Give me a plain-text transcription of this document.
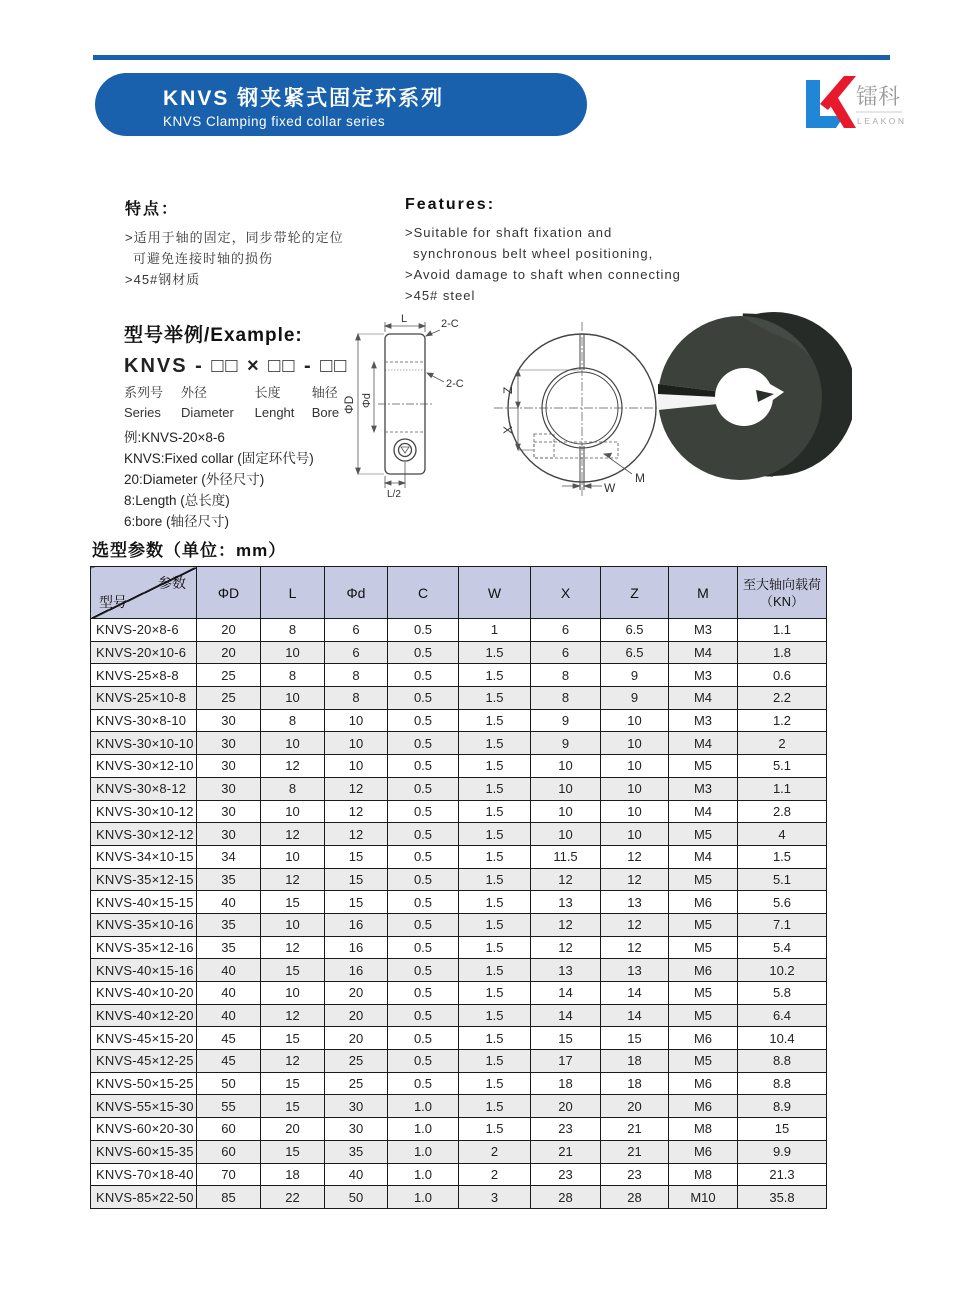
KNVS 钢夹紧式固定环系列
KNVS Clamping fixed collar series
镭科
LEAKON
特点：
>适用于轴的固定，同步带轮的定位
可避免连接时轴的损伤
>45#钢材质
Features:
>Suitable for shaft fixation and
synchronous belt wheel positioning,
>Avoid damage to shaft when connecting
>45# steel
型号举例/Example:
KNVS - □□ × □□ - □□
系列号	外径	长度	轴径
Series	Diameter	Lenght	Bore
例:KNVS-20×8-6
KNVS:Fixed collar (固定环代号)
20:Diameter (外径尺寸)
8:Length (总长度)
6:bore (轴径尺寸)
L	2-C
2-C
ΦD Φd
L/2
Z
X
W
M
选型参数（单位：mm）
参数
型号	ΦD	L	Φd	C	W	X	Z	M	至大轴向载荷（KN）
KNVS-20×8-6	20	8	6	0.5	1	6	6.5	M3	1.1
KNVS-20×10-6	20	10	6	0.5	1.5	6	6.5	M4	1.8
KNVS-25×8-8	25	8	8	0.5	1.5	8	9	M3	0.6
KNVS-25×10-8	25	10	8	0.5	1.5	8	9	M4	2.2
KNVS-30×8-10	30	8	10	0.5	1.5	9	10	M3	1.2
KNVS-30×10-10	30	10	10	0.5	1.5	9	10	M4	2
KNVS-30×12-10	30	12	10	0.5	1.5	10	10	M5	5.1
KNVS-30×8-12	30	8	12	0.5	1.5	10	10	M3	1.1
KNVS-30×10-12	30	10	12	0.5	1.5	10	10	M4	2.8
KNVS-30×12-12	30	12	12	0.5	1.5	10	10	M5	4
KNVS-34×10-15	34	10	15	0.5	1.5	11.5	12	M4	1.5
KNVS-35×12-15	35	12	15	0.5	1.5	12	12	M5	5.1
KNVS-40×15-15	40	15	15	0.5	1.5	13	13	M6	5.6
KNVS-35×10-16	35	10	16	0.5	1.5	12	12	M5	7.1
KNVS-35×12-16	35	12	16	0.5	1.5	12	12	M5	5.4
KNVS-40×15-16	40	15	16	0.5	1.5	13	13	M6	10.2
KNVS-40×10-20	40	10	20	0.5	1.5	14	14	M5	5.8
KNVS-40×12-20	40	12	20	0.5	1.5	14	14	M5	6.4
KNVS-45×15-20	45	15	20	0.5	1.5	15	15	M6	10.4
KNVS-45×12-25	45	12	25	0.5	1.5	17	18	M5	8.8
KNVS-50×15-25	50	15	25	0.5	1.5	18	18	M6	8.8
KNVS-55×15-30	55	15	30	1.0	1.5	20	20	M6	8.9
KNVS-60×20-30	60	20	30	1.0	1.5	23	21	M8	15
KNVS-60×15-35	60	15	35	1.0	2	21	21	M6	9.9
KNVS-70×18-40	70	18	40	1.0	2	23	23	M8	21.3
KNVS-85×22-50	85	22	50	1.0	3	28	28	M10	35.8
